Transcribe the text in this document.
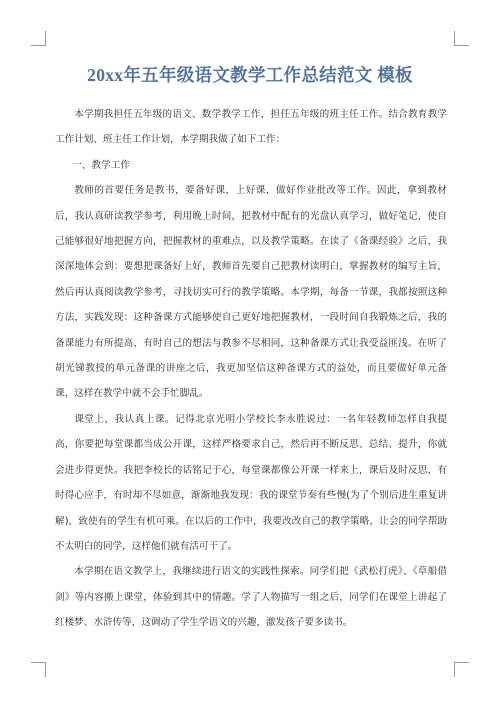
20xx年五年级语文教学工作总结范文 模板

本学期我担任五年级的语文、数学教学工作，担任五年级的班主任工作。结合教育教学工作计划、班主任工作计划，本学期我做了如下工作：

一、教学工作

教师的首要任务是教书，要备好课，上好课，做好作业批改等工作。因此，拿到教材后，我认真研读教学参考，利用晚上时间，把教材中配有的光盘认真学习，做好笔记，使自己能够很好地把握方向，把握教材的重难点，以及教学策略。在读了《备课经验》之后，我深深地体会到：要想把课备好上好，教师首先要自己把教材读明白，掌握教材的编写主旨，然后再认真阅读教学参考，寻找切实可行的教学策略。本学期，每备一节课，我都按照这种方法，实践发现：这种备课方式能够使自己更好地把握教材，一段时间自我锻炼之后，我的备课能力有所提高，有时自己的想法与教参不尽相同，这种备课方式让我受益匪浅。在听了胡光锑教授的单元备课的讲座之后，我更加坚信这种备课方式的益处，而且要做好单元备课，这样在教学中就不会手忙脚乱。

课堂上，我认真上课。记得北京光明小学校长李永胜说过：一名年轻教师怎样自我提高，你要把每堂课都当成公开课，这样严格要求自己，然后再不断反思、总结、提升，你就会进步得更快。我把李校长的话铭记于心，每堂课都像公开课一样来上，课后及时反思，有时得心应手，有时却不尽如意，渐渐地我发现：我的课堂节奏有些慢(为了个别后进生重复讲解)，致使有的学生有机可乘。在以后的工作中，我要改改自己的教学策略，让会的同学帮助不太明白的同学，这样他们就有活可干了。

本学期在语文教学上，我继续进行语文的实践性探索。同学们把《武松打虎》、《草船借剑》等内容搬上课堂，体验到其中的情趣。学了人物描写一组之后，同学们在课堂上讲起了红楼梦、水浒传等，这调动了学生学语文的兴趣，激发孩子要多读书。
